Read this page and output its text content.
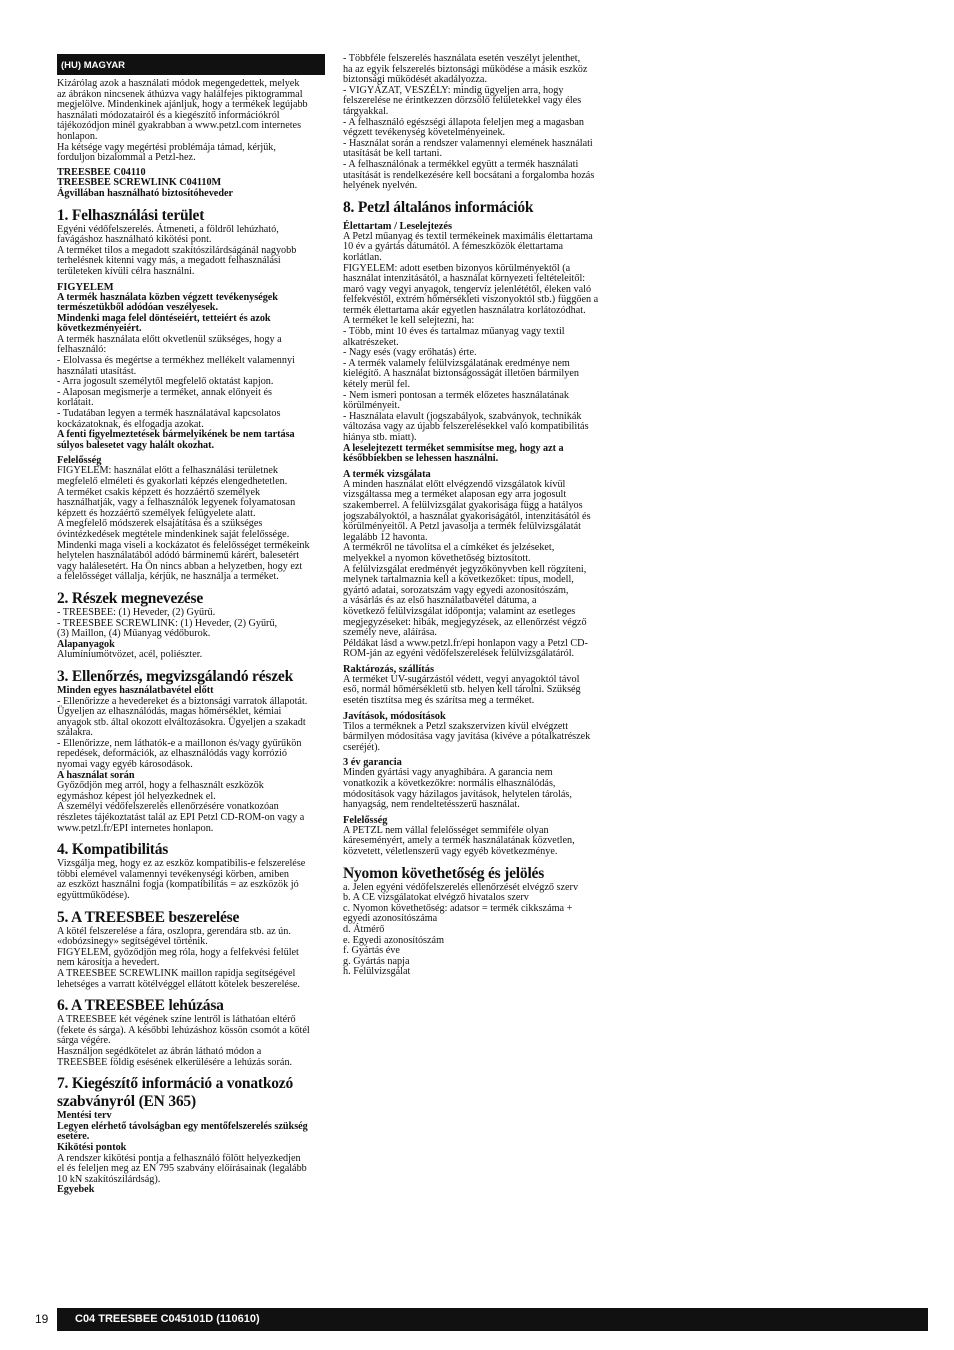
(HU) MAGYAR

Kizárólag azok a használati módok megengedettek, melyek
az ábrákon nincsenek áthúzva vagy halálfejes piktogrammal
megjelölve. Mindenkinek ajánljuk, hogy a termékek legújabb
használati módozatairól és a kiegészítő információkról
tájékozódjon minél gyakrabban a www.petzl.com internetes
honlapon.
Ha kétsége vagy megértési problémája támad, kérjük,
forduljon bizalommal a Petzl-hez.

TREESBEE C04110
TREESBEE SCREWLINK C04110M
Ágvillában használható biztosítóheveder

1. Felhasználási terület

Egyéni védőfelszerelés. Átmeneti, a földről lehúzható,
favágáshoz használható kikötési pont.
A terméket tilos a megadott szakítószilárdságánál nagyobb
terhelésnek kitenni vagy más, a megadott felhasználási
területeken kívüli célra használni.

FIGYELEM

A termék használata közben végzett tevékenységek
természetükből adódóan veszélyesek.
Mindenki maga felel döntéseiért, tetteiért és azok
következményeiért.

A termék használata előtt okvetlenül szükséges, hogy a
felhasználó:
- Elolvassa és megértse a termékhez mellékelt valamennyi
használati utasítást.
- Arra jogosult személytől megfelelő oktatást kapjon.
- Alaposan megismerje a terméket, annak előnyeit és
korlátait.
- Tudatában legyen a termék használatával kapcsolatos
kockázatoknak, és elfogadja azokat.

A fenti figyelmeztetések bármelyikének be nem tartása
súlyos balesetet vagy halált okozhat.

Felelősség

FIGYELEM: használat előtt a felhasználási területnek
megfelelő elméleti és gyakorlati képzés elengedhetetlen.
A terméket csakis képzett és hozzáértő személyek
használhatják, vagy a felhasználók legyenek folyamatosan
képzett és hozzáértő személyek felügyelete alatt.
A megfelelő módszerek elsajátítása és a szükséges
óvintézkedések megtétele mindenkinek saját felelőssége.
Mindenki maga viseli a kockázatot és felelősséget termékeink
helytelen használatából adódó bárminemű kárért, balesetért
vagy halálesetért. Ha Ön nincs abban a helyzetben, hogy ezt
a felelősséget vállalja, kérjük, ne használja a terméket.

2. Részek megnevezése

- TREESBEE: (1) Heveder, (2) Gyűrű.
- TREESBEE SCREWLINK: (1) Heveder, (2) Gyűrű,
(3) Maillon, (4) Műanyag védőburok.

Alapanyagok

Alumíniumötvözet, acél, poliészter.

3. Ellenőrzés, megvizsgálandó részek

Minden egyes használatbavétel előtt

- Ellenőrizze a hevedereket és a biztonsági varratok állapotát.
Ügyeljen az elhasználódás, magas hőmérséklet, kémiai
anyagok stb. által okozott elváltozásokra. Ügyeljen a szakadt
szálakra.
- Ellenőrizze, nem láthatók-e a maillonon és/vagy gyűrűkön
repedések, deformációk, az elhasználódás vagy korrózió
nyomai vagy egyéb károsodások.

A használat során

Győződjön meg arról, hogy a felhasznált eszközök
egymáshoz képest jól helyezkednek el.
A személyi védőfelszerelés ellenőrzésére vonatkozóan
részletes tájékoztatást talál az EPI Petzl CD-ROM-on vagy a
www.petzl.fr/EPI internetes honlapon.

4. Kompatibilitás

Vizsgálja meg, hogy ez az eszköz kompatibilis-e felszerelése
többi elemével valamennyi tevékenységi körben, amiben
az eszközt használni fogja (kompatibilitás = az eszközök jó
együttműködése).

5. A TREESBEE beszerelése

A kötél felszerelése a fára, oszlopra, gerendára stb. az ún.
«dobózsinegy» segítségével történik.
FIGYELEM, győződjön meg róla, hogy a felfekvési felület
nem károsítja a hevedert.
A TREESBEE SCREWLINK maillon rapidja segítségével
lehetséges a varratt kötélvéggel ellátott kötelek beszerelése.

6. A TREESBEE lehúzása

A TREESBEE két végének színe lentről is láthatóan eltérő
(fekete és sárga). A későbbi lehúzáshoz kössön csomót a kötél
sárga végére.
Használjon segédkötelet az ábrán látható módon a
TREESBEE földig esésének elkerülésére a lehúzás során.

7. Kiegészítő információ a vonatkozó szabványról (EN 365)

Mentési terv

Legyen elérhető távolságban egy mentőfelszerelés szükség
esetére.

Kikötési pontok

A rendszer kikötési pontja a felhasználó fölött helyezkedjen
el és feleljen meg az EN 795 szabvány előírásainak (legalább
10 kN szakítószilárdság).

Egyebek

- Többféle felszerelés használata esetén veszélyt jelenthet,
ha az egyik felszerelés biztonsági működése a másik eszköz
biztonsági működését akadályozza.
- VIGYÁZAT, VESZÉLY: mindig ügyeljen arra, hogy
felszerelése ne érintkezzen dörzsölő felületekkel vagy éles
tárgyakkal.
- A felhasználó egészségi állapota feleljen meg a magasban
végzett tevékenység követelményeinek.
- Használat során a rendszer valamennyi elemének használati
utasítását be kell tartani.
- A felhasználónak a termékkel együtt a termék használati
utasítását is rendelkezésére kell bocsátani a forgalomba hozás
helyének nyelvén.

8. Petzl általános információk

Élettartam / Leselejtezés

A Petzl műanyag és textil termékeinek maximális élettartama
10 év a gyártás dátumától. A fémeszközök élettartama
korlátlan.
FIGYELEM: adott esetben bizonyos körülményektől (a
használat intenzitásától, a használat környezeti feltételeitől:
maró vagy vegyi anyagok, tengervíz jelenlététől, éleken való
felfekvéstől, extrém hőmérsékleti viszonyoktól stb.) függően a
termék élettartama akár egyetlen használatra korlátozódhat.
A terméket le kell selejtezni, ha:
- Több, mint 10 éves és tartalmaz műanyag vagy textil
alkatrészeket.
- Nagy esés (vagy erőhatás) érte.
- A termék valamely felülvizsgálatának eredménye nem
kielégítő. A használat biztonságosságát illetően bármilyen
kétely merül fel.
- Nem ismeri pontosan a termék előzetes használatának
körülményeit.
- Használata elavult (jogszabályok, szabványok, technikák
változása vagy az újabb felszerelésekkel való kompatibilitás
hiánya stb. miatt).

A leselejtezett terméket semmisítse meg, hogy azt a
későbbiekben se lehessen használni.

A termék vizsgálata

A minden használat előtt elvégzendő vizsgálatok kívül
vizsgáltassa meg a terméket alaposan egy arra jogosult
szakemberrel. A felülvizsgálat gyakorisága függ a hatályos
jogszabályoktól, a használat gyakoriságától, intenzitásától és
körülményeitől. A Petzl javasolja a termék felülvizsgálatát
legalább 12 havonta.
A termékről ne távolítsa el a címkéket és jelzéseket,
melyekkel a nyomon követhetőség biztosított.
A felülvizsgálat eredményét jegyzőkönyvben kell rögzíteni,
melynek tartalmaznia kell a következőket: típus, modell,
gyártó adatai, sorozatszám vagy egyedi azonosítószám,
a vásárlás és az első használatbavétel dátuma, a
következő felülvizsgálat időpontja; valamint az esetleges
megjegyzéseket: hibák, megjegyzések, az ellenőrzést végző
személy neve, aláírása.
Példákat lásd a www.petzl.fr/epi honlapon vagy a Petzl CD-
ROM-ján az egyéni védőfelszerelések felülvizsgálatáról.

Raktározás, szállítás

A terméket UV-sugárzástól védett, vegyi anyagoktól távol
eső, normál hőmérsékletű stb. helyen kell tárolni. Szükség
esetén tisztítsa meg és szárítsa meg a terméket.

Javítások, módosítások

Tilos a terméknek a Petzl szakszervizen kívül elvégzett
bármilyen módosítása vagy javítása (kivéve a pótalkatrészek
cseréjét).

3 év garancia

Minden gyártási vagy anyaghibára. A garancia nem
vonatkozik a következőkre: normális elhasználódás,
módosítások vagy házilagos javítások, helytelen tárolás,
hanyagság, nem rendeltetésszerű használat.

Felelősség

A PETZL nem vállal felelősséget semmiféle olyan
káreseményért, amely a termék használatának közvetlen,
közvetett, véletlenszerű vagy egyéb következménye.

Nyomon követhetőség és jelölés

a. Jelen egyéni védőfelszerelés ellenőrzését elvégző szerv
b. A CE vizsgálatokat elvégző hivatalos szerv
c. Nyomon követhetőség: adatsor = termék cikkszáma +
egyedi azonosítószáma
d. Átmérő
e. Egyedi azonosítószám
f. Gyártás éve
g. Gyártás napja
h. Felülvizsgálat

19	C04 TREESBEE C045101D (110610)
